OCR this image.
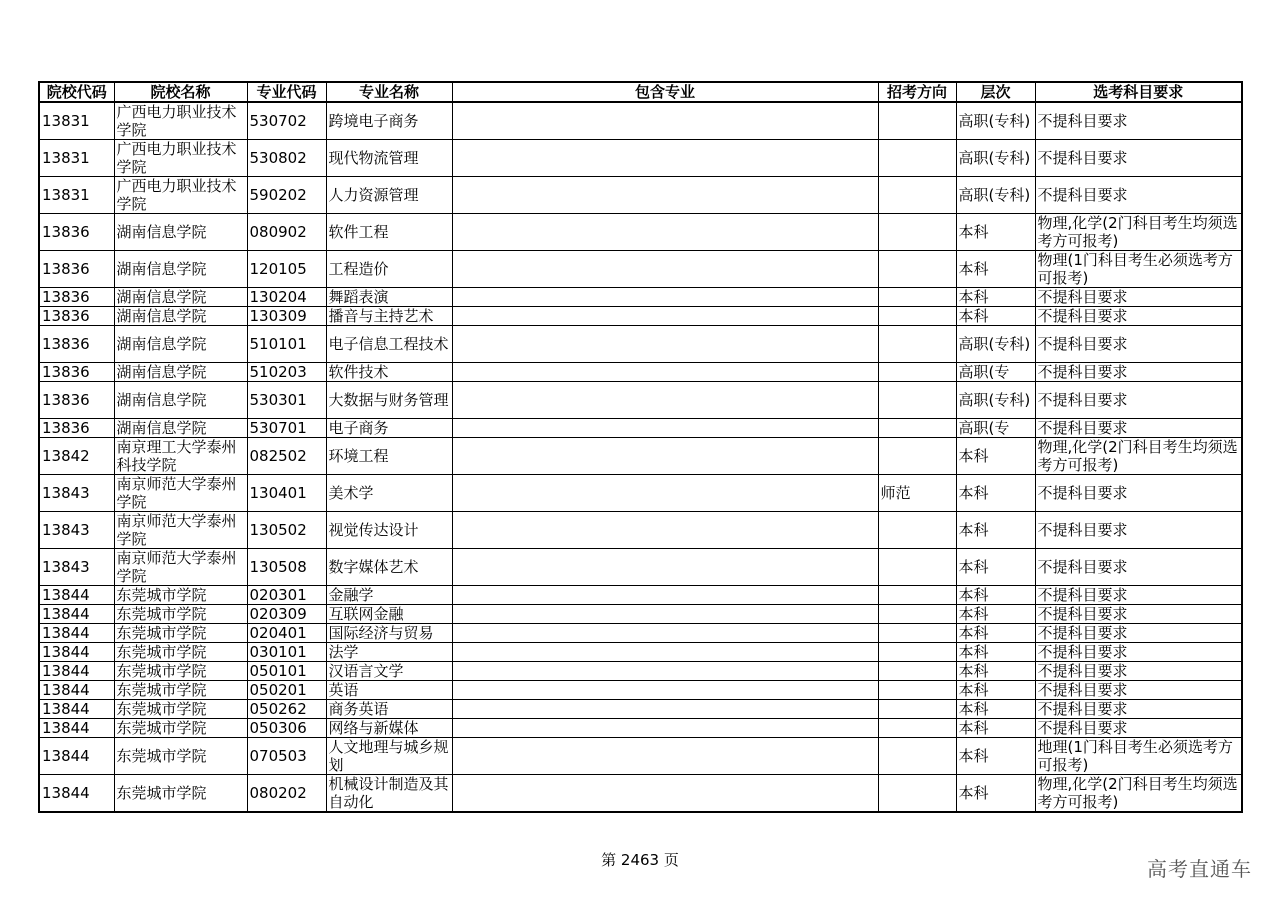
院校代码	院校名称	专业代码	专业名称	包含专业	招考方向	层次	选考科目要求
13831	广西电力职业技术学院	530702	跨境电子商务			高职(专科)	不提科目要求
13831	广西电力职业技术学院	530802	现代物流管理			高职(专科)	不提科目要求
13831	广西电力职业技术学院	590202	人力资源管理			高职(专科)	不提科目要求
13836	湖南信息学院	080902	软件工程			本科	物理,化学(2门科目考生均须选考方可报考)
13836	湖南信息学院	120105	工程造价			本科	物理(1门科目考生必须选考方可报考)
13836	湖南信息学院	130204	舞蹈表演			本科	不提科目要求
13836	湖南信息学院	130309	播音与主持艺术			本科	不提科目要求
13836	湖南信息学院	510101	电子信息工程技术			高职(专科)	不提科目要求
13836	湖南信息学院	510203	软件技术			高职(专	不提科目要求
13836	湖南信息学院	530301	大数据与财务管理			高职(专科)	不提科目要求
13836	湖南信息学院	530701	电子商务			高职(专	不提科目要求
13842	南京理工大学泰州科技学院	082502	环境工程			本科	物理,化学(2门科目考生均须选考方可报考)
13843	南京师范大学泰州学院	130401	美术学		师范	本科	不提科目要求
13843	南京师范大学泰州学院	130502	视觉传达设计			本科	不提科目要求
13843	南京师范大学泰州学院	130508	数字媒体艺术			本科	不提科目要求
13844	东莞城市学院	020301	金融学			本科	不提科目要求
13844	东莞城市学院	020309	互联网金融			本科	不提科目要求
13844	东莞城市学院	020401	国际经济与贸易			本科	不提科目要求
13844	东莞城市学院	030101	法学			本科	不提科目要求
13844	东莞城市学院	050101	汉语言文学			本科	不提科目要求
13844	东莞城市学院	050201	英语			本科	不提科目要求
13844	东莞城市学院	050262	商务英语			本科	不提科目要求
13844	东莞城市学院	050306	网络与新媒体			本科	不提科目要求
13844	东莞城市学院	070503	人文地理与城乡规划			本科	地理(1门科目考生必须选考方可报考)
13844	东莞城市学院	080202	机械设计制造及其自动化			本科	物理,化学(2门科目考生均须选考方可报考)
第 2463 页	高考直通车
